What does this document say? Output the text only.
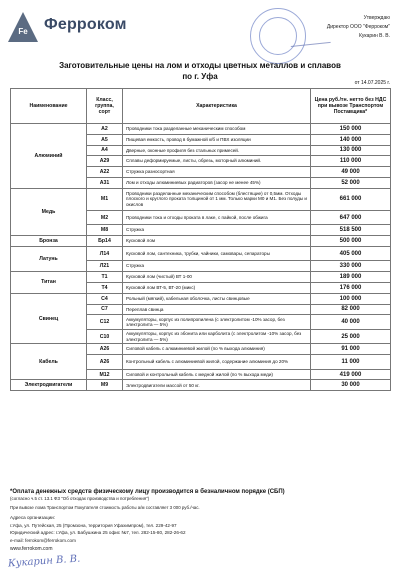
Fe Ферроком	Утверждаю
Директор ООО "Ферроком"
Кукарин В. В.
Заготовительные цены на лом и отходы цветных металлов и сплавов
по г. Уфа
от 14.07.2025 г.
Наименование	Класс, группа, сорт	Характеристика	Цена руб./тн. нетто без НДС при вывозе Транспортом Поставщика*
Алюминий	А2	Проводники тока разделанные механическим способом	150 000
	А5	Пищевая емкость, провод в бумажной к/б и ПВХ изоляции	140 000
	А4	Дверные, оконные профиля без стальных примесей.	130 000
	А29	Сплавы деформируемые, листы, обрезь, моторный алюминий.	110 000
	А22	Стружка разносортная	49 000
	А31	Лом и отходы алюминиевых радиаторов (засор не менее 45%)	52 000
Медь	М1	Проводники разделанные механическим способом (блестящие) от 0,5мм. Отходы плоского и круглого проката толщиной от 1 мм. Только марки М0 и М1. Без полуды и окислов	661 000
	М2	Проводники тока и отходы проката в лаке, с пайкой, после обжига	647 000
	М8	Стружка	518 500
Бронза	Бр14	Кусковой лом	500 000
Латунь	Л14	Кусковой лом, сантехника, трубки, чайники, самовары, сепараторы	405 000
	Л21	Стружка	330 000
Титан	Т1	Кусковой лом (чистый) ВТ 1-00	189 000
	Т4	Кусковой лом ВТ-5, ВТ-20 (микс)	176 000
Свинец	С4	Рольный (мягкий), кабельная оболочка, листы свинцовые	100 000
	С7	Переплав свинца	82 000
	С12	Аккумуляторы, корпус из полипропилена (с электролитом -10% засор, без электролита — 5%)	40 000
	С10	Аккумуляторы, корпус из эбонита или карболита (с электролитом -10% засор, без электролита — 5%)	25 000
Кабель	А26	Силовой кабель с алюминиевой жилой (по % выхода алюминия)	91 000
	А26	Контрольный кабель с алюминиевой жилой, содержание алюминия до 20%	11 000
	М12	Силовой и контрольный кабель с медной жилой (по % выхода меди)	419 000
Электродвигатели	М9	Электродвигатели массой от 50 кг.	30 000
*Оплата денежных средств физическому лицу производится в безналичном порядке (СБП)
(согласно ч.5 ст. 13.1 ФЗ "Об отходах производства и потребления")
При вывозе лома Транспортом Покупателя стоимость работы а/м составляет 3 000 руб./час.
Адреса организации:
г.Уфа, ул. Путейская, 25 (Промзона, территория Уфахимпром), тел. 229-42-97
Юридический адрес: г.Уфа, ул. Бабушкина 25 офис №7, тел. 282-15-80, 282-26-62
e-mail: ferrokom@ferrokom.com
www.ferrokom.com
Кукарин В. В.
